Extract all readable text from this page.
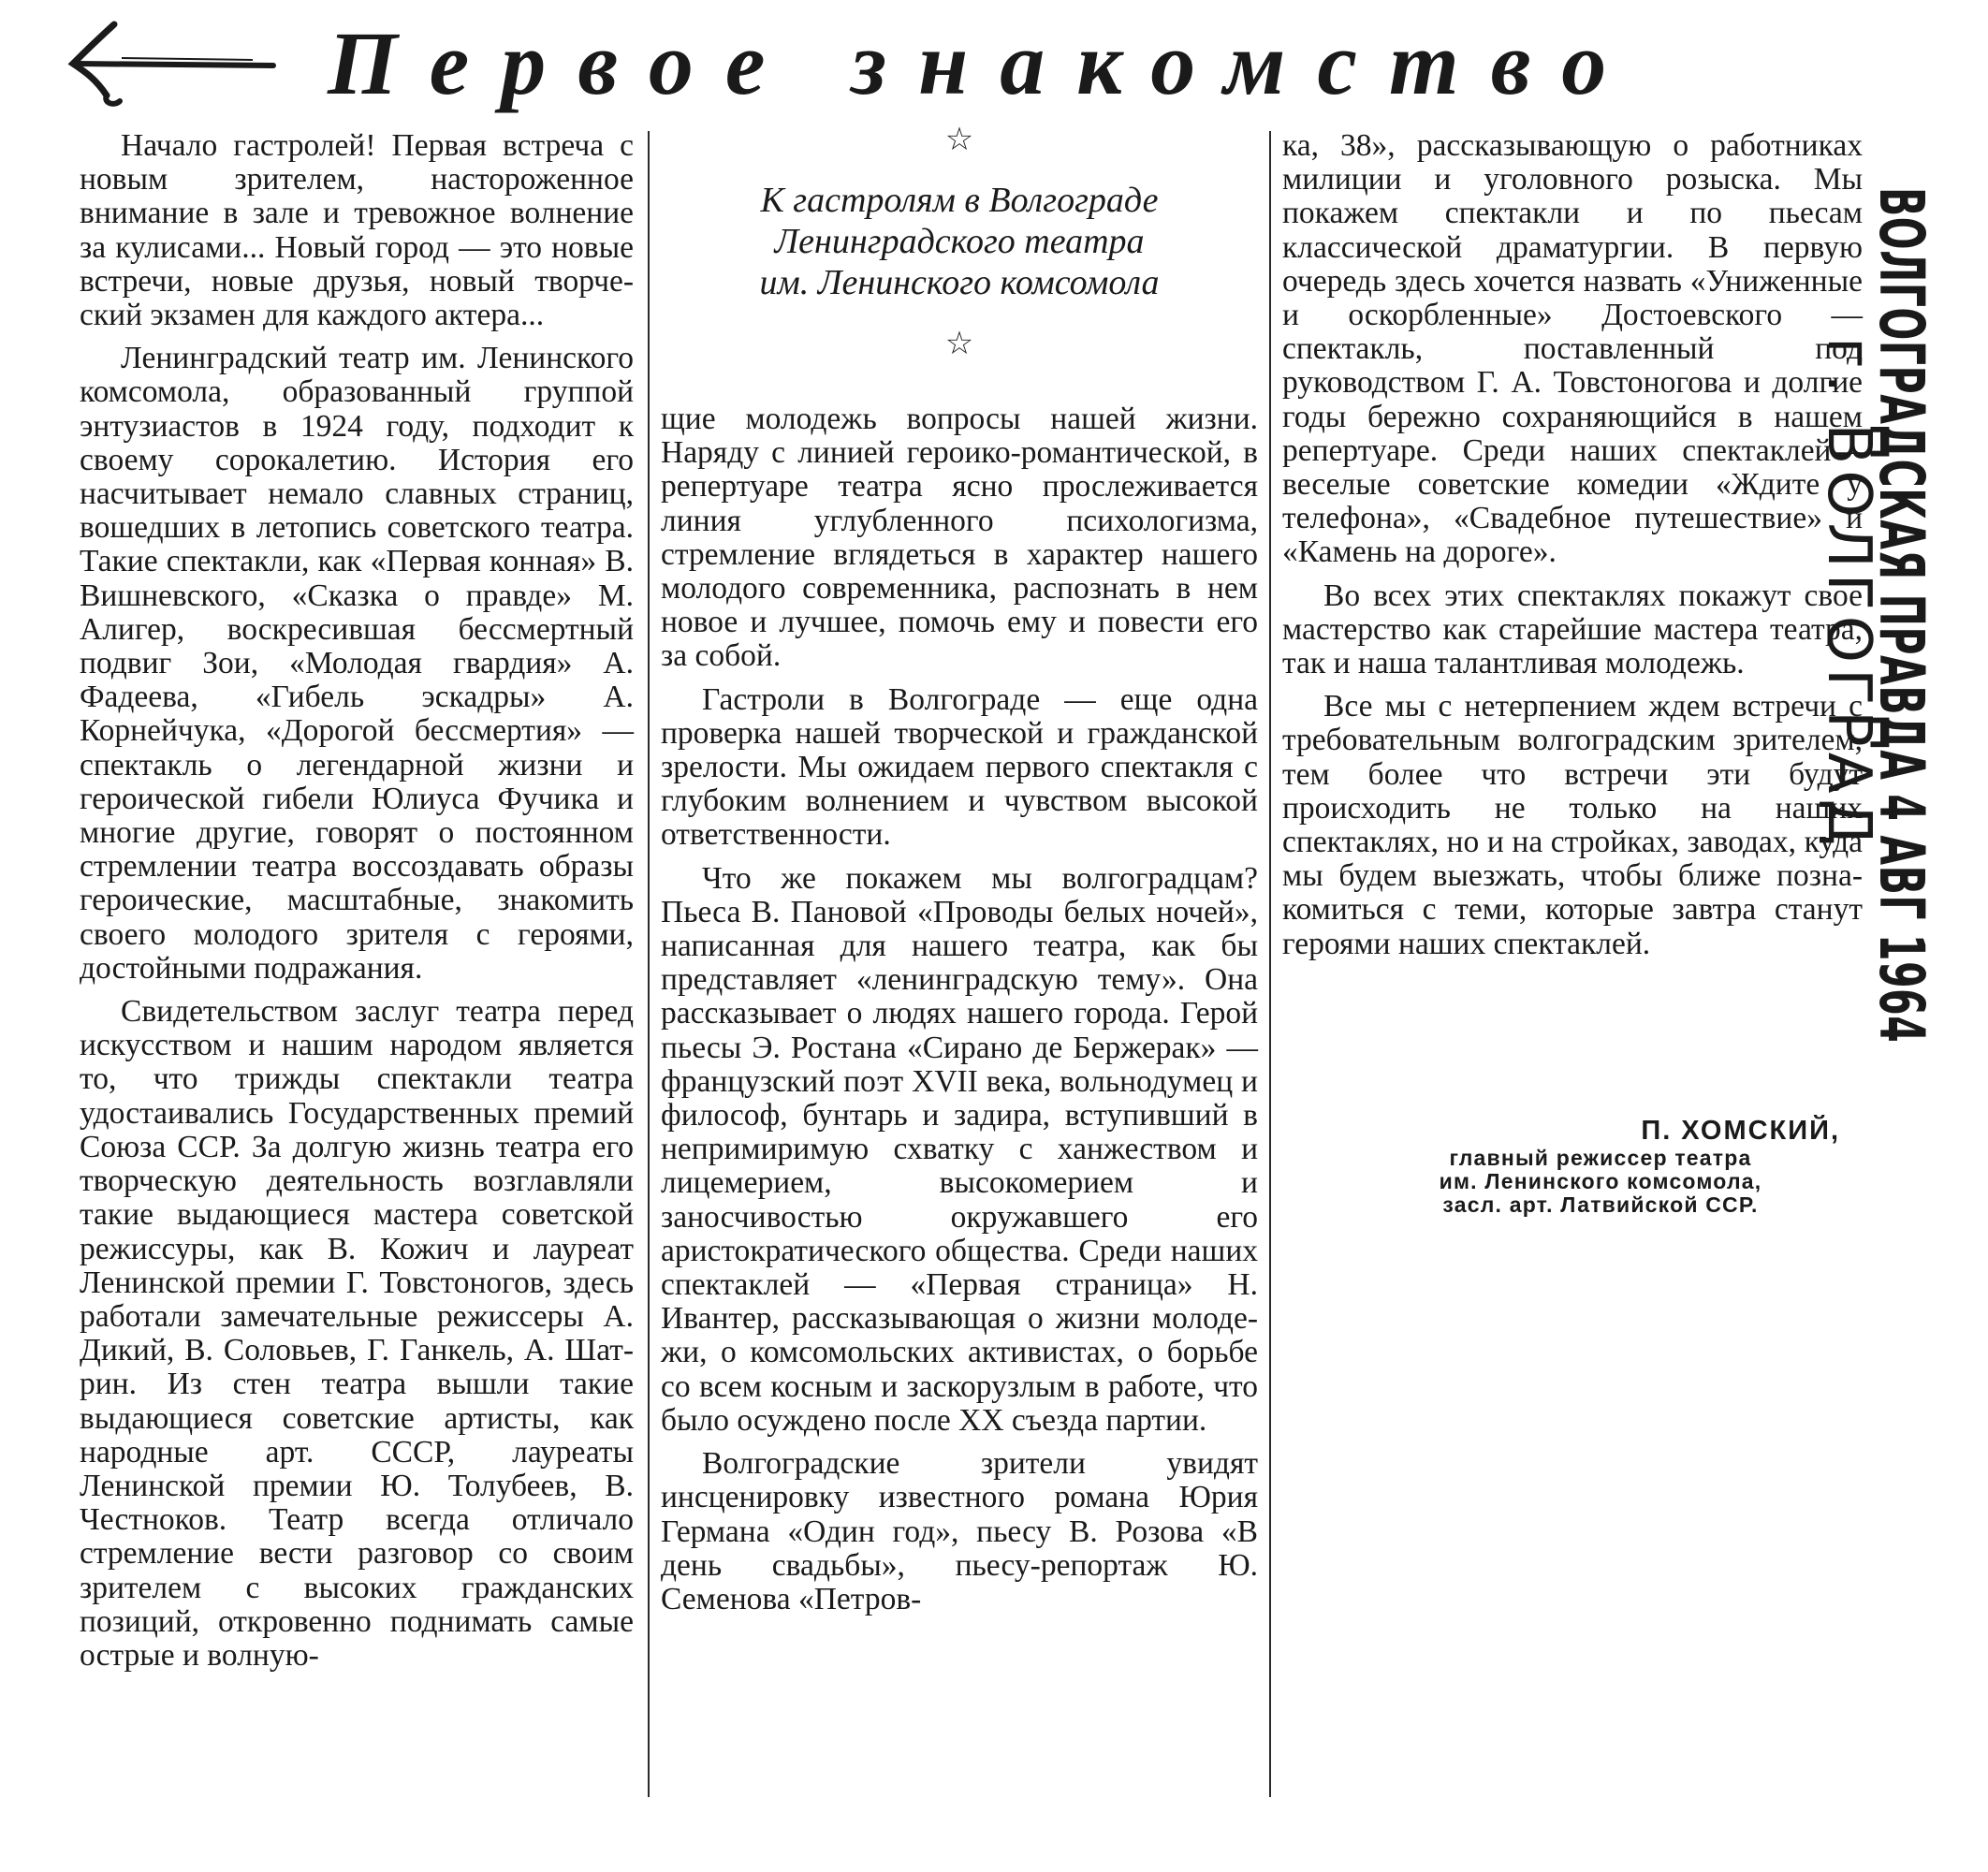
Первое знакомство

Начало гастролей! Первая встреча с новым зрителем, настороженное внимание в зале и тревожное волнение за кулисами... Новый город — это новые встречи, новые друзья, новый творческий экзамен для каждого актера...

Ленинградский театр им. Ленинского комсомола, образованный группой энтузиастов в 1924 году, подходит к своему сорокалетию. История его насчитывает немало славных страниц, вошедших в летопись советского театра. Такие спектакли, как «Первая конная» В. Вишневского, «Сказка о правде» М. Алигер, воскресившая бессмертный подвиг Зои, «Молодая гвардия» А. Фадеева, «Гибель эскадры» А. Корнейчука, «Дорогой бессмертия» — спектакль о легендарной жизни и героической гибели Юлиуса Фучика и многие другие, говорят о постоянном стремлении театра воссоздавать образы героические, масштабные, знакомить своего молодого зрителя с героями, достойными подражания.

Свидетельством заслуг театра перед искусством и нашим народом является то, что трижды спектакли театра удостаивались Государственных премий Союза ССР. За долгую жизнь театра его творческую деятельность возглавляли такие выдающиеся мастера советской режиссуры, как В. Кожич и лауреат Ленинской премии Г. Товстоногов, здесь работали замечательные режиссеры А. Дикий, В. Соловьев, Г. Ганкель, А. Шатрин. Из стен театра вышли такие выдающиеся советские артисты, как народные арт. СССР, лауреаты Ленинской премии Ю. Толубеев, В. Честноков. Театр всегда отличало стремление вести разговор со своим зрителем с высоких гражданских позиций, откровенно поднимать самые острые и волную-

☆
К гастролям в Волгограде
Ленинградского театра
им. Ленинского комсомола
☆

щие молодежь вопросы нашей жизни. Наряду с линией героико-романтической, в репертуаре театра ясно прослеживается линия углубленного психологизма, стремление вглядеться в характер нашего молодого современника, распознать в нем новое и лучшее, помочь ему и повести его за собой.

Гастроли в Волгограде — еще одна проверка нашей творческой и гражданской зрелости. Мы ожидаем первого спектакля с глубоким волнением и чувством высокой ответственности.

Что же покажем мы волгоградцам? Пьеса В. Пановой «Проводы белых ночей», написанная для нашего театра, как бы представляет «ленинградскую тему». Она рассказывает о людях нашего города. Герой пьесы Э. Ростана «Сирано де Бержерак» — французский поэт XVII века, вольнодумец и философ, бунтарь и задира, вступивший в непримиримую схватку с ханжеством и лицемерием, высокомерием и заносчивостью окружавшего его аристократического общества. Среди наших спектаклей — «Первая страница» Н. Ивантер, рассказывающая о жизни молодежи, о комсомольских активистах, о борьбе со всем косным и заскорузлым в работе, что было осуждено после XX съезда партии.

Волгоградские зрители увидят инсценировку известного романа Юрия Германа «Один год», пьесу В. Розова «В день свадьбы», пьесу-репортаж Ю. Семенова «Петров-

ка, 38», рассказывающую о работниках милиции и уголовного розыска. Мы покажем спектакли и по пьесам классической драматургии. В первую очередь здесь хочется назвать «Униженные и оскорбленные» Достоевского — спектакль, поставленный под руководством Г. А. Товстоногова и долгие годы бережно сохраняющийся в нашем репертуаре. Среди наших спектаклей—веселые советские комедии «Ждите у телефона», «Свадебное путешествие» и «Камень на дороге».

Во всех этих спектаклях покажут свое мастерство как старейшие мастера театра, так и наша талантливая молодежь.

Все мы с нетерпением ждем встречи с требовательным волгоградским зрителем, тем более что встречи эти будут происходить не только на наших спектаклях, но и на стройках, заводах, куда мы будем выезжать, чтобы ближе познакомиться с теми, которые завтра станут героями наших спектаклей.

П. ХОМСКИЙ,
главный режиссер театра
им. Ленинского комсомола,
засл. арт. Латвийской ССР.
ВОЛГОГРАДСКАЯ ПРАВДА 4 АВГ 1964
г. ВОЛГОГРАД
